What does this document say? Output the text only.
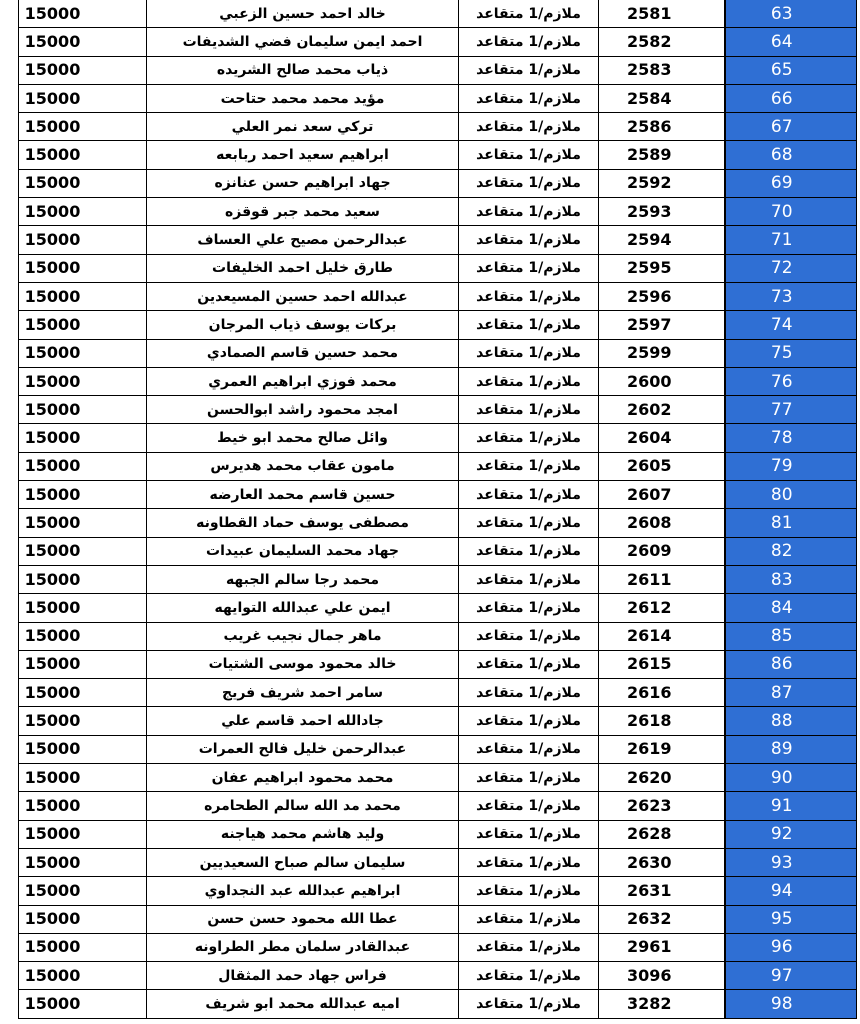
15000	خالد احمد حسين الزعبي	ملازم/1 متقاعد	2581	63
15000	احمد ايمن سليمان فضي الشديفات	ملازم/1 متقاعد	2582	64
15000	ذياب محمد صالح الشريده	ملازم/1 متقاعد	2583	65
15000	مؤيد محمد محمد حتاحت	ملازم/1 متقاعد	2584	66
15000	تركي سعد نمر العلي	ملازم/1 متقاعد	2586	67
15000	ابراهيم سعيد احمد ربابعه	ملازم/1 متقاعد	2589	68
15000	جهاد ابراهيم حسن عنانزه	ملازم/1 متقاعد	2592	69
15000	سعيد محمد جبر قوقزه	ملازم/1 متقاعد	2593	70
15000	عبدالرحمن مصيح علي العساف	ملازم/1 متقاعد	2594	71
15000	طارق خليل احمد الخليفات	ملازم/1 متقاعد	2595	72
15000	عبدالله احمد حسين المسيعدين	ملازم/1 متقاعد	2596	73
15000	بركات يوسف ذياب المرجان	ملازم/1 متقاعد	2597	74
15000	محمد حسين قاسم الصمادي	ملازم/1 متقاعد	2599	75
15000	محمد فوزي ابراهيم العمري	ملازم/1 متقاعد	2600	76
15000	امجد محمود راشد ابوالحسن	ملازم/1 متقاعد	2602	77
15000	وائل صالح محمد ابو خيط	ملازم/1 متقاعد	2604	78
15000	مامون عقاب محمد هديرس	ملازم/1 متقاعد	2605	79
15000	حسين قاسم محمد العارضه	ملازم/1 متقاعد	2607	80
15000	مصطفى يوسف حماد القطاونه	ملازم/1 متقاعد	2608	81
15000	جهاد محمد السليمان عبيدات	ملازم/1 متقاعد	2609	82
15000	محمد رجا سالم الجبهه	ملازم/1 متقاعد	2611	83
15000	ايمن علي عبدالله التوايهه	ملازم/1 متقاعد	2612	84
15000	ماهر جمال نجيب غريب	ملازم/1 متقاعد	2614	85
15000	خالد محمود موسى الشتيات	ملازم/1 متقاعد	2615	86
15000	سامر احمد شريف فريج	ملازم/1 متقاعد	2616	87
15000	جادالله احمد قاسم علي	ملازم/1 متقاعد	2618	88
15000	عبدالرحمن خليل فالح العمرات	ملازم/1 متقاعد	2619	89
15000	محمد محمود ابراهيم عفان	ملازم/1 متقاعد	2620	90
15000	محمد مد الله سالم الطحامره	ملازم/1 متقاعد	2623	91
15000	وليد هاشم محمد هياجنه	ملازم/1 متقاعد	2628	92
15000	سليمان سالم صباح السعيديين	ملازم/1 متقاعد	2630	93
15000	ابراهيم عبدالله عبد النجداوي	ملازم/1 متقاعد	2631	94
15000	عطا الله محمود حسن حسن	ملازم/1 متقاعد	2632	95
15000	عبدالقادر سلمان مطر الطراونه	ملازم/1 متقاعد	2961	96
15000	فراس جهاد حمد المثقال	ملازم/1 متقاعد	3096	97
15000	اميه عبدالله محمد ابو شريف	ملازم/1 متقاعد	3282	98
